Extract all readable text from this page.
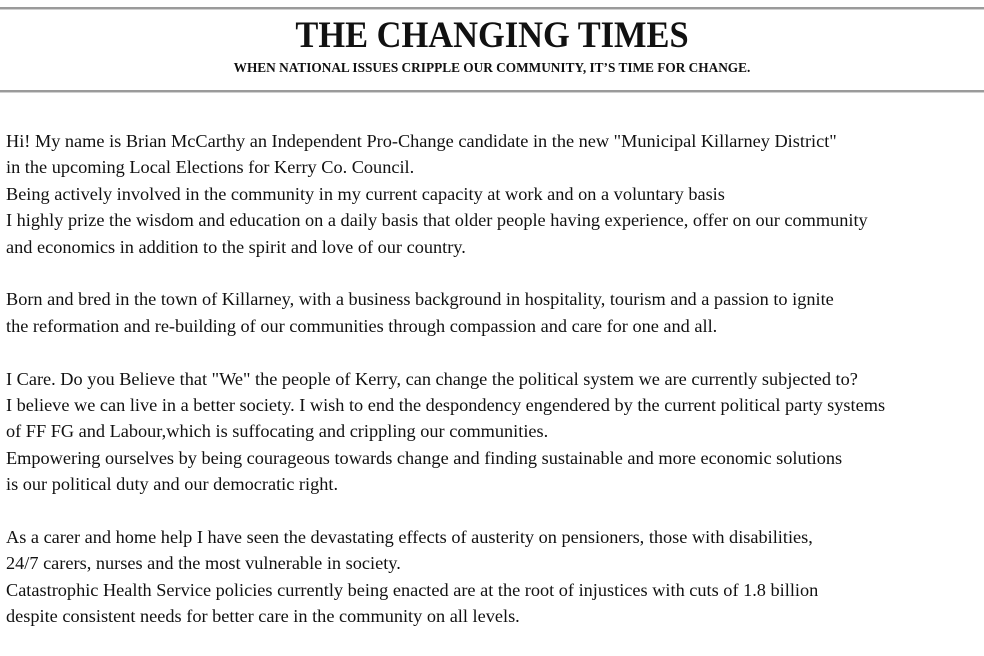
THE CHANGING TIMES
WHEN NATIONAL ISSUES CRIPPLE OUR COMMUNITY, IT’S TIME FOR CHANGE.

Hi! My name is Brian McCarthy an Independent Pro-Change candidate in the new "Municipal Killarney District"
in the upcoming Local Elections for Kerry Co. Council.
Being actively involved in the community in my current capacity at work and on a voluntary basis
I highly prize the wisdom and education on a daily basis that older people having experience, offer on our community
and economics in addition to the spirit and love of our country.

Born and bred in the town of Killarney, with a business background in hospitality, tourism and a passion to ignite
the reformation and re-building of our communities through compassion and care for one and all.

I Care. Do you Believe that "We" the people of Kerry, can change the political system we are currently subjected to?
I believe we can live in a better society. I wish to end the despondency engendered by the current political party systems
of FF FG and Labour,which is suffocating and crippling our communities.
Empowering ourselves by being courageous towards change and finding sustainable and more economic solutions
is our political duty and our democratic right.

As a carer and home help I have seen the devastating effects of austerity on pensioners, those with disabilities,
24/7 carers, nurses and the most vulnerable in society.
Catastrophic Health Service policies currently being enacted are at the root of injustices with cuts of 1.8 billion
despite consistent needs for better care in the community on all levels.
